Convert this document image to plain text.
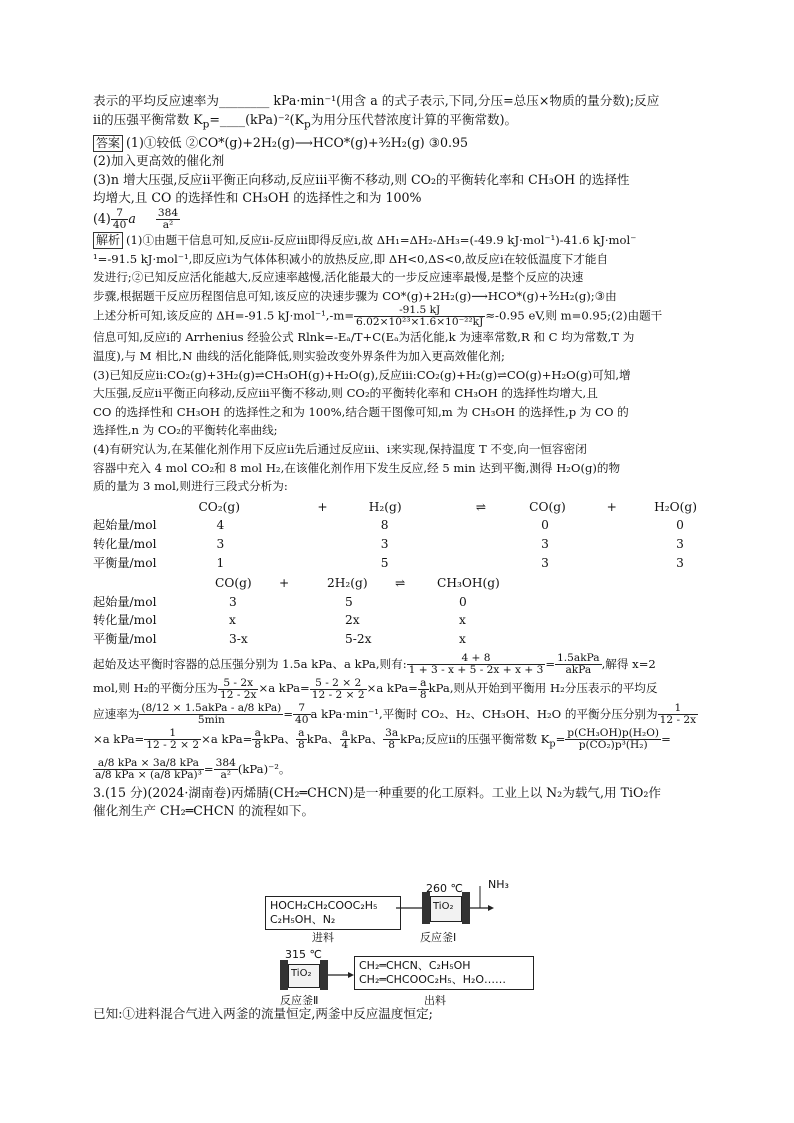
表示的平均反应速率为________ kPa·min⁻¹(用含 a 的式子表示,下同,分压=总压×物质的量分数);反应

ⅱ的压强平衡常数 $K_p=\_\_\_\_(kPa)^{-2}(K_p$为用分压代替浓度计算的平衡常数)。

答案 (1)①较低 ②CO*(g)+2H₂(g)⟶HCO*(g)+³⁄₂H₂(g) ③0.95

(2)加入更高效的催化剂

(3)n 增大压强,反应ⅱ平衡正向移动,反应ⅲ平衡不移动,则 CO₂的平衡转化率和 CH₃OH 的选择性

均增大,且 CO 的选择性和 CH₃OH 的选择性之和为 100%

$(4) \frac{7}{40}$ a $\frac{384}{\text{a²}}$

解析 (1)①由题干信息可知,反应ⅱ-反应ⅲ即得反应ⅰ,故 ΔH₁=ΔH₂-ΔH₃=(-49.9 kJ·mol⁻¹)-41.6 kJ·mol⁻

¹=-91.5 kJ·mol⁻¹,即反应ⅰ为气体体积减小的放热反应,即 ΔH<0,ΔS<0,故反应ⅰ在较低温度下才能自

发进行;②已知反应活化能越大,反应速率越慢,活化能最大的一步反应速率最慢,是整个反应的决速

步骤,根据题干反应历程图信息可知,该反应的决速步骤为 CO*(g)+2H₂(g)⟶HCO*(g)+³⁄₂H₂(g);③由

上述分析可知,该反应的 ΔH=-91.5 $kJ\cdot mol^{-1},-m= \frac{-91.5 kJ}{\text{6.02×10²³×1.6×10⁻²²kJ}} \approx-0.95$ eV,则 m=0.95;(2)由题干

信息可知,反应ⅰ的 Arrhenius 经验公式 Rlnk=-Eₐ/T+C(Eₐ为活化能,k 为速率常数,R 和 C 均为常数,T 为

温度),与 M 相比,N 曲线的活化能降低,则实验改变外界条件为加入更高效催化剂;

(3)已知反应ⅱ:CO₂(g)+3H₂(g)⇌CH₃OH(g)+H₂O(g),反应ⅲ:CO₂(g)+H₂(g)⇌CO(g)+H₂O(g)可知,增

大压强,反应ⅱ平衡正向移动,反应ⅲ平衡不移动,则 CO₂的平衡转化率和 CH₃OH 的选择性均增大,且

CO 的选择性和 CH₃OH 的选择性之和为 100%,结合题干图像可知,m 为 CH₃OH 的选择性,p 为 CO 的

选择性,n 为 CO₂的平衡转化率曲线;

(4)有研究认为,在某催化剂作用下反应ⅱ先后通过反应ⅲ、ⅰ来实现,保持温度 T 不变,向一恒容密闭

容器中充入 4 mol CO₂和 8 mol H₂,在该催化剂作用下发生反应,经 5 min 达到平衡,测得 H₂O(g)的物

质的量为 3 mol,则进行三段式分析为:

	CO₂(g)	+	H₂(g)	⇌	CO(g)	+	H₂O(g)
起始量/mol	4		8		0		0
转化量/mol	3		3		3		3
平衡量/mol	1		5		3		3
	CO(g)	+	2H₂(g)	⇌	CH₃OH(g)
起始量/mol	3		5		0
转化量/mol	x		2x		x
平衡量/mol	3-x		5-2x		x

起始及达平衡时容器的总压强分别为 1.5a kPa、a kPa,则有: $\frac{4 + 8}{1 + 3 - x + 5 - 2x + x + 3} = \frac{\text{1.5akPa}}{\text{akPa}}$ ,解得 x=2

mol,则 H₂的平衡分压为 $\frac{5 - 2x}{12 - 2x} \times a$ $kPa= \frac{5 - 2 \times 2}{12 - 2 \times 2} \times a$ $kPa= \frac{a}{8}$ kPa,则从开始到平衡用 H₂分压表示的平均反

应速率为 $\frac{\text{(8/12 × 1.5akPa - a/8 kPa)}}{5\min} = \frac{7}{40}$ a kPa·min⁻¹,平衡时 CO₂、H₂、CH₃OH、H₂O 的平衡分压分别为 $\frac{1}{12 - 2x}$

×a $kPa= \frac{1}{12 - 2 \times 2} \times a$ $kPa= \frac{a}{8}$ kPa、 $\frac{a}{8}$ kPa、 $\frac{a}{4}$ kPa、 $\frac{3a}{8}$ kPa;反应ⅱ的压强平衡常数 $K_p= \frac{\text{p(CH₃OH)p(H₂O)}}{\text{p(CO₂)p³(H₂)}}$ =

$\frac{\text{a/8 kPa × 3a/8 kPa}}{\text{a/8 kPa × (a/8 kPa)³}} = \frac{384}{\text{a²}} (kPa)^{-2}$。

3.(15 分)(2024·湖南卷)丙烯腈(CH₂═CHCN)是一种重要的化工原料。工业上以 N₂为载气,用 TiO₂作

催化剂生产 CH₂═CHCN 的流程如下。

HOCH₂CH₂COOC₂H₅
C₂H₅OH、N₂
进料
260 ℃
TiO₂
NH₃
反应釜Ⅰ
315 ℃
TiO₂
反应釜Ⅱ
CH₂═CHCN、C₂H₅OH
CH₂═CHCOOC₂H₅、H₂O……
出料

已知:①进料混合气进入两釜的流量恒定,两釜中反应温度恒定;
